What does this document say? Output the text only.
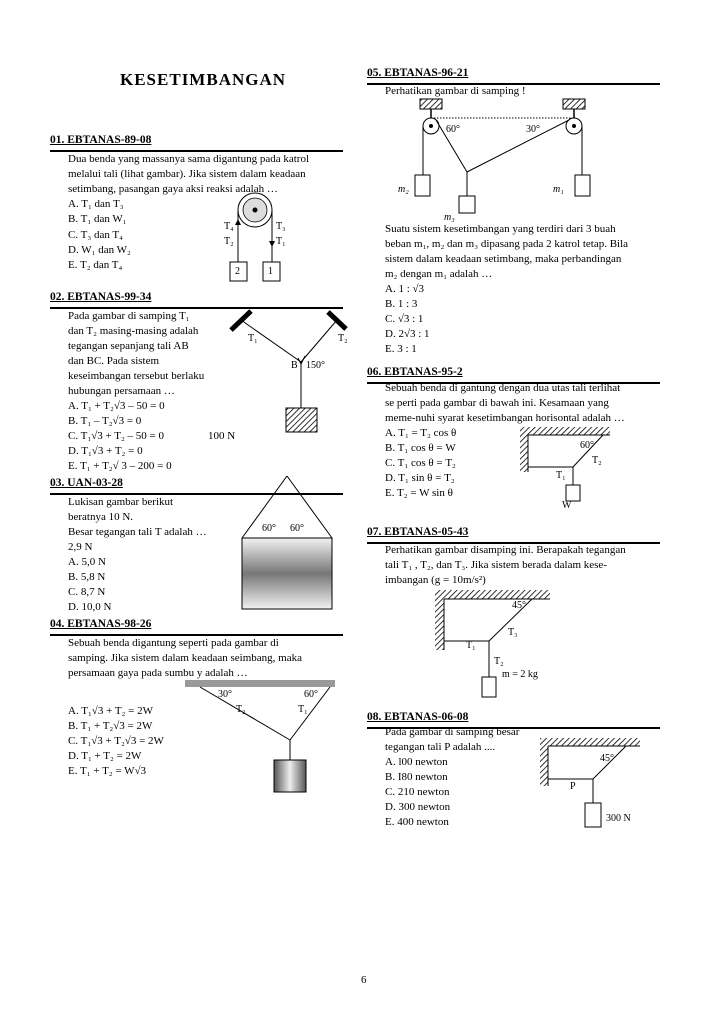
KESETIMBANGAN
01. EBTANAS-89-08
Dua benda yang massanya sama digantung pada katrol
melalui tali (lihat gambar). Jika sistem dalam keadaan
setimbang, pasangan gaya aksi reaksi adalah …
A. T₁ dan T₃
B. T₁ dan W₁
C. T₃ dan T₄
D. W₁ dan W₂
E. T₂ dan T₄
T₄	T₃
T₂	T₁
2	1
02. EBTANAS-99-34
Pada gambar di samping T₁
dan T₂ masing-masing adalah
tegangan sepanjang tali AB
dan BC. Pada sistem
keseimbangan tersebut berlaku
hubungan persamaan …
A. T₁ + T₂√3 – 50 = 0
B. T₁ – T₂√3 = 0
C. T₁√3 + T₂ – 50 = 0
D. T₁√3 + T₂ = 0
E. T₁ + T₂√ 3 – 200 = 0
T₁	T₂
B 150°
100 N
03. UAN-03-28
Lukisan gambar berikut
beratnya 10 N.
Besar tegangan tali T adalah …
2,9 N
A. 5,0 N
B. 5,8 N
C. 8,7 N
D. 10,0 N
60° 60°
04. EBTANAS-98-26
Sebuah benda digantung seperti pada gambar di
samping. Jika sistem dalam keadaan seimbang, maka
persamaan gaya pada sumbu y adalah …
A. T₁√3 + T₂ = 2W
B. T₁ + T₂√3 = 2W
C. T₁√3 + T₂√3 = 2W
D. T₁ + T₂ = 2W
E. T₁ + T₂ = W√3
30°	60°
T₂	T₁
05. EBTANAS-96-21
Perhatikan gambar di samping !
60°	30°
m₂	m₁
m₃
Suatu sistem kesetimbangan yang terdiri dari 3 buah
beban m₁, m₂ dan m₃ dipasang pada 2 katrol tetap. Bila
sistem dalam keadaan setimbang, maka perbandingan
m₂ dengan m₁ adalah …
A. 1 : √3
B. 1 : 3
C. √3 : 1
D. 2√3 : 1
E. 3 : 1
06. EBTANAS-95-2
Sebuah benda di gantung dengan dua utas tali terlihat
se perti pada gambar di bawah ini. Kesamaan yang
meme-nuhi syarat kesetimbangan horisontal adalah …
A. T₁ = T₂ cos θ
B. T₁ cos θ = W
C. T₁ cos θ = T₂
D. T₁ sin θ = T₂
E. T₂ = W sin θ
60°
T₂
T₁
W
07. EBTANAS-05-43
Perhatikan gambar disamping ini. Berapakah tegangan
tali T₁ , T₂, dan T₃. Jika sistem berada dalam kese-
imbangan (g = 10m/s²)
45°
T₃
T₁
T₂
m = 2 kg
08. EBTANAS-06-08
Pada gambar di samping besar
tegangan tali P adalah ....
A. l00 newton
B. I80 newton
C. 210 newton
D. 300 newton
E. 400 newton
45°
P
300 N
6
